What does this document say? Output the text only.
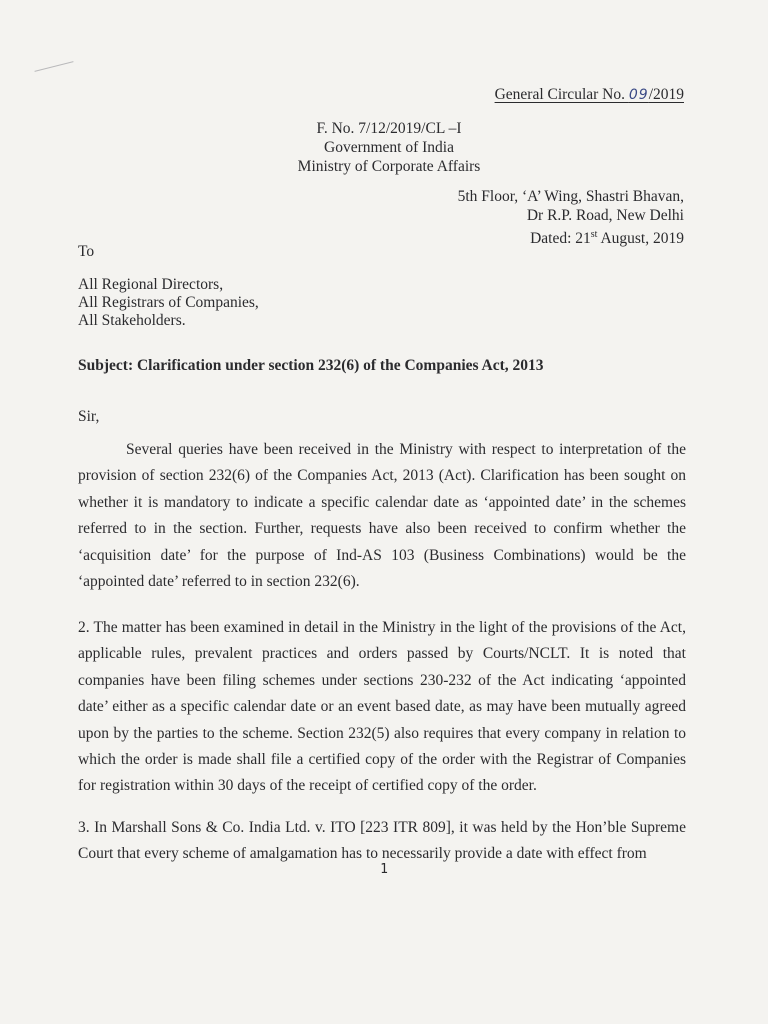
General Circular No. 09/2019
F. No. 7/12/2019/CL –I
Government of India
Ministry of Corporate Affairs
5th Floor, ‘A’ Wing, Shastri Bhavan,
Dr R.P. Road, New Delhi
Dated: 21st August, 2019
To
All Regional Directors,
All Registrars of Companies,
All Stakeholders.
Subject: Clarification under section 232(6) of the Companies Act, 2013
Sir,

Several queries have been received in the Ministry with respect to interpretation of the provision of section 232(6) of the Companies Act, 2013 (Act). Clarification has been sought on whether it is mandatory to indicate a specific calendar date as ‘appointed date’ in the schemes referred to in the section. Further, requests have also been received to confirm whether the ‘acquisition date’ for the purpose of Ind-AS 103 (Business Combinations) would be the ‘appointed date’ referred to in section 232(6).

2. The matter has been examined in detail in the Ministry in the light of the provisions of the Act, applicable rules, prevalent practices and orders passed by Courts/NCLT. It is noted that companies have been filing schemes under sections 230-232 of the Act indicating ‘appointed date’ either as a specific calendar date or an event based date, as may have been mutually agreed upon by the parties to the scheme. Section 232(5) also requires that every company in relation to which the order is made shall file a certified copy of the order with the Registrar of Companies for registration within 30 days of the receipt of certified copy of the order.

3. In Marshall Sons & Co. India Ltd. v. ITO [223 ITR 809], it was held by the Hon’ble Supreme Court that every scheme of amalgamation has to necessarily provide a date with effect from

1
